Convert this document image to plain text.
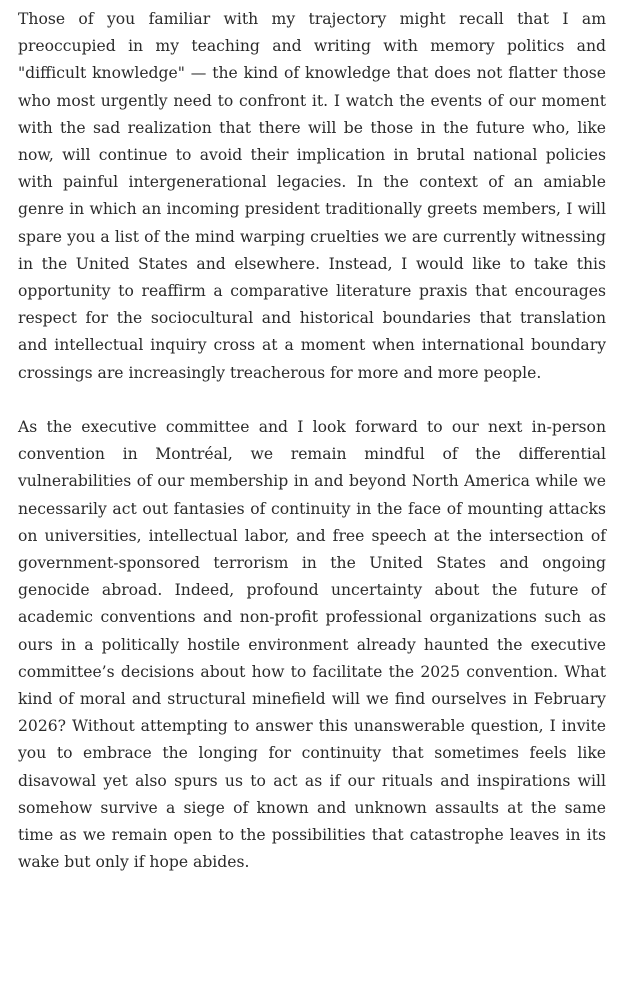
Those of you familiar with my trajectory might recall that I am preoccupied in my teaching and writing with memory politics and "difficult knowledge" — the kind of knowledge that does not flatter those who most urgently need to confront it. I watch the events of our moment with the sad realization that there will be those in the future who, like now, will continue to avoid their implication in brutal national policies with painful intergenerational legacies. In the context of an amiable genre in which an incoming president traditionally greets members, I will spare you a list of the mind warping cruelties we are currently witnessing in the United States and elsewhere. Instead, I would like to take this opportunity to reaffirm a comparative literature praxis that encourages respect for the sociocultural and historical boundaries that translation and intellectual inquiry cross at a moment when international boundary crossings are increasingly treacherous for more and more people.

As the executive committee and I look forward to our next in-person convention in Montréal, we remain mindful of the differential vulnerabilities of our membership in and beyond North America while we necessarily act out fantasies of continuity in the face of mounting attacks on universities, intellectual labor, and free speech at the intersection of government-sponsored terrorism in the United States and ongoing genocide abroad. Indeed, profound uncertainty about the future of academic conventions and non-profit professional organizations such as ours in a politically hostile environment already haunted the executive committee’s decisions about how to facilitate the 2025 convention. What kind of moral and structural minefield will we find ourselves in February 2026? Without attempting to answer this unanswerable question, I invite you to embrace the longing for continuity that sometimes feels like disavowal yet also spurs us to act as if our rituals and inspirations will somehow survive a siege of known and unknown assaults at the same time as we remain open to the possibilities that catastrophe leaves in its wake but only if hope abides.
